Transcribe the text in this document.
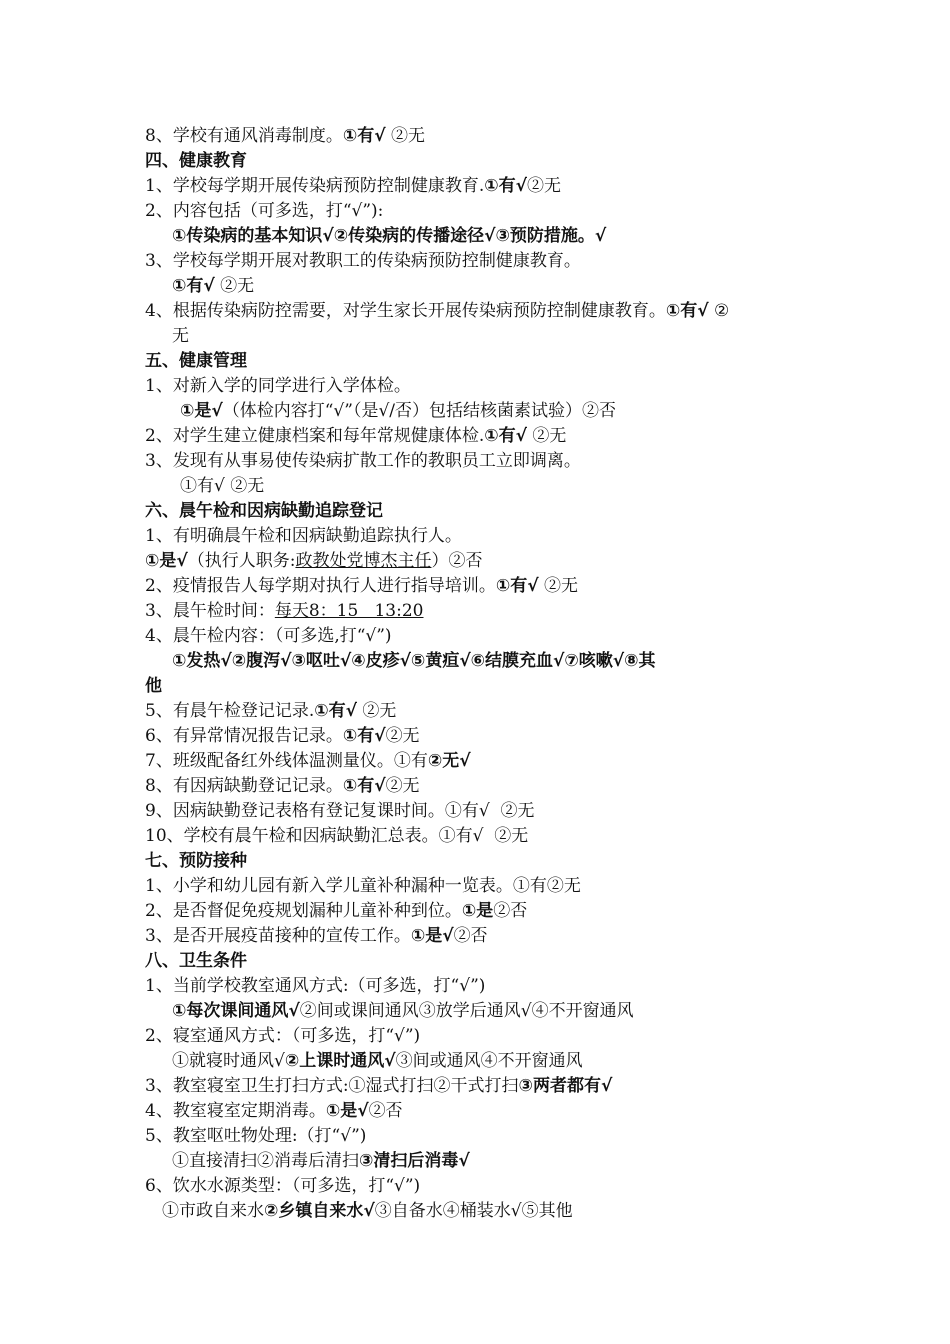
8、学校有通风消毒制度。①有√ ②无
四、健康教育
1、学校每学期开展传染病预防控制健康教育.①有√②无
2、内容包括（可多选，打“√”):
①传染病的基本知识√②传染病的传播途径√③预防措施。√
3、学校每学期开展对教职工的传染病预防控制健康教育。
①有√ ②无
4、根据传染病防控需要，对学生家长开展传染病预防控制健康教育。①有√ ②
无
五、健康管理
1、对新入学的同学进行入学体检。
①是√（体检内容打“√”（是√/否）包括结核菌素试验）②否
2、对学生建立健康档案和每年常规健康体检.①有√ ②无
3、发现有从事易使传染病扩散工作的教职员工立即调离。
①有√ ②无
六、晨午检和因病缺勤追踪登记
1、有明确晨午检和因病缺勤追踪执行人。
①是√（执行人职务:政教处党博杰主任）②否
2、疫情报告人每学期对执行人进行指导培训。①有√ ②无
3、晨午检时间：每天8：15   13:20
4、晨午检内容：（可多选,打“√”)
①发热√②腹泻√③呕吐√④皮疹√⑤黄疸√⑥结膜充血√⑦咳嗽√⑧其
他
5、有晨午检登记记录.①有√ ②无
6、有异常情况报告记录。①有√②无
7、班级配备红外线体温测量仪。①有②无√
8、有因病缺勤登记记录。①有√②无
9、因病缺勤登记表格有登记复课时间。①有√  ②无
10、学校有晨午检和因病缺勤汇总表。①有√  ②无
七、预防接种
1、小学和幼儿园有新入学儿童补种漏种一览表。①有②无
2、是否督促免疫规划漏种儿童补种到位。①是②否
3、是否开展疫苗接种的宣传工作。①是√②否
八、卫生条件
1、当前学校教室通风方式:（可多选，打“√”)
①每次课间通风√②间或课间通风③放学后通风√④不开窗通风
2、寝室通风方式：（可多选，打“√”)
①就寝时通风√②上课时通风√③间或通风④不开窗通风
3、教室寝室卫生打扫方式:①湿式打扫②干式打扫③两者都有√
4、教室寝室定期消毒。①是√②否
5、教室呕吐物处理:（打“√”)
①直接清扫②消毒后清扫③清扫后消毒√
6、饮水水源类型：（可多选，打“√”)
①市政自来水②乡镇自来水√③自备水④桶装水√⑤其他
